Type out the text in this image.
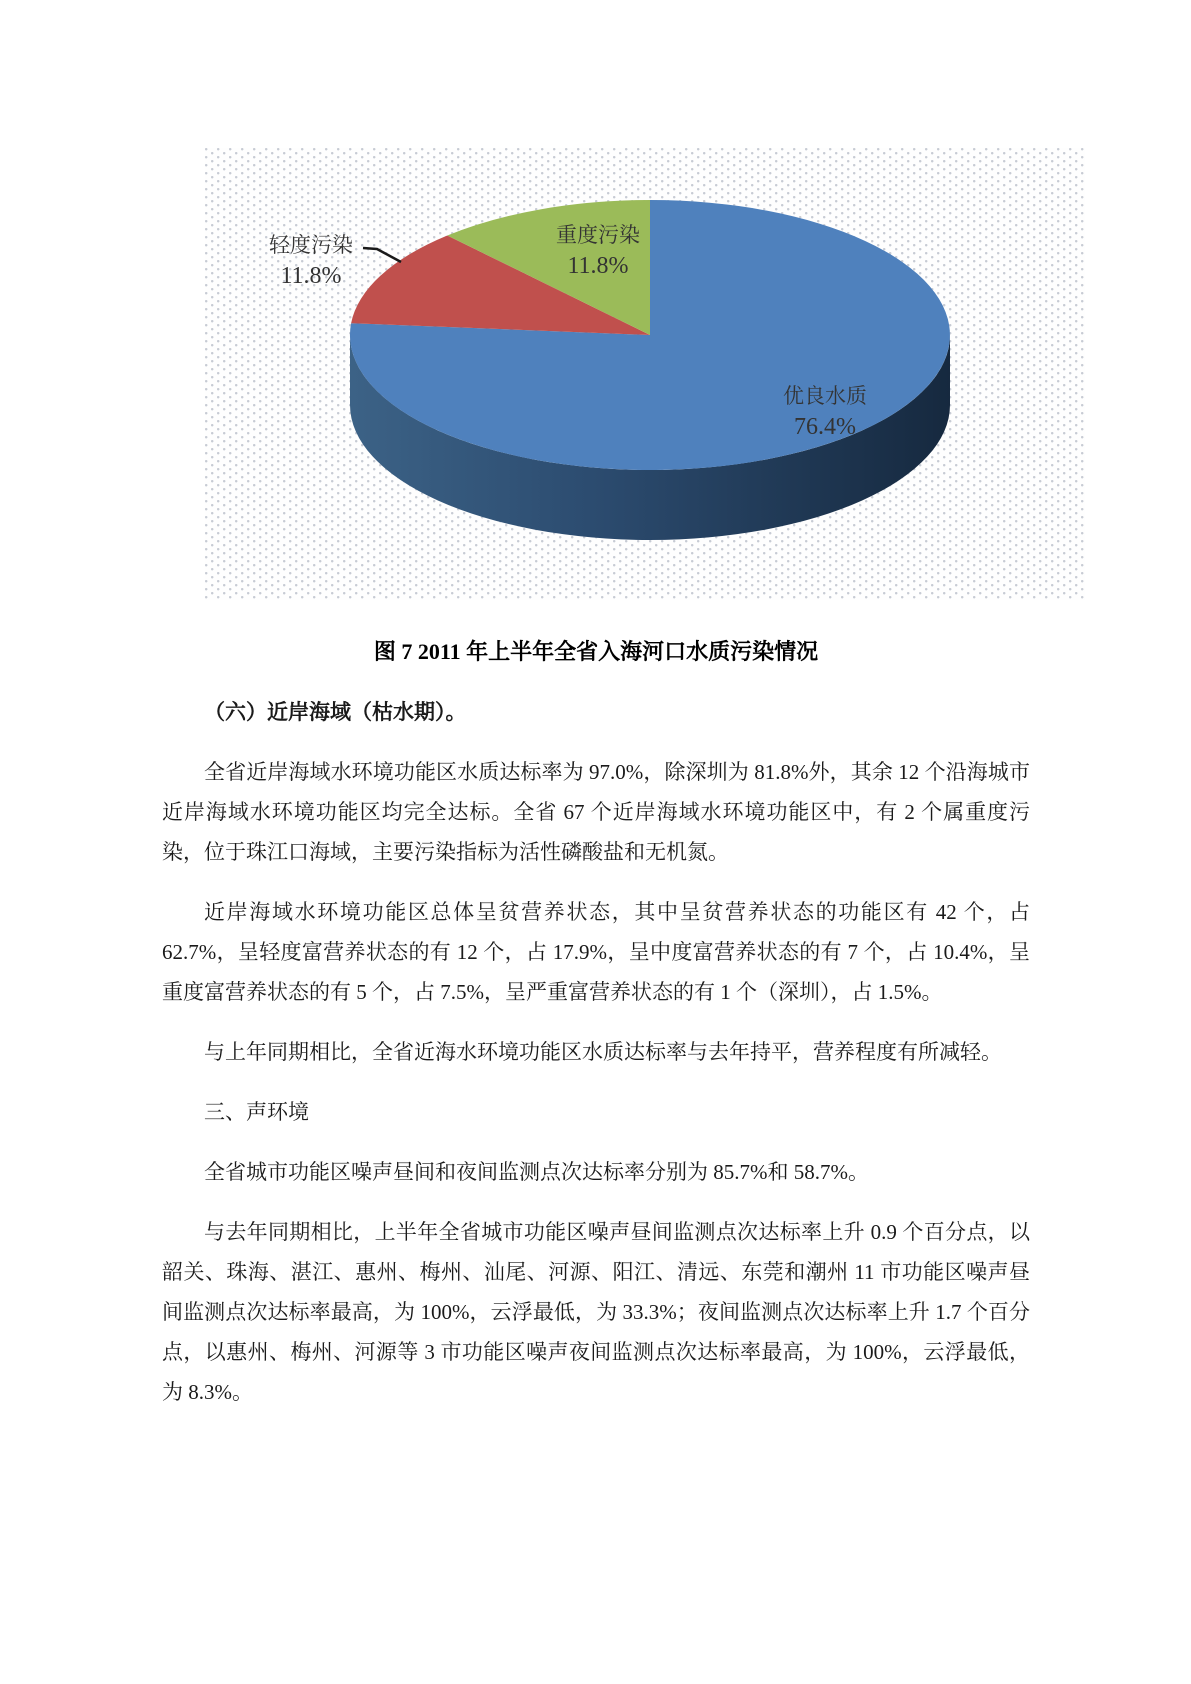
轻度污染
11.8%
重度污染
11.8%
优良水质
76.4%
图 7 2011 年上半年全省入海河口水质污染情况
（六）近岸海域（枯水期）。

全省近岸海域水环境功能区水质达标率为 97.0%，除深圳为 81.8%外，其余 12 个沿海城市近岸海域水环境功能区均完全达标。全省 67 个近岸海域水环境功能区中，有 2 个属重度污染，位于珠江口海域，主要污染指标为活性磷酸盐和无机氮。

近岸海域水环境功能区总体呈贫营养状态，其中呈贫营养状态的功能区有 42 个，占 62.7%，呈轻度富营养状态的有 12 个，占 17.9%，呈中度富营养状态的有 7 个，占 10.4%，呈重度富营养状态的有 5 个，占 7.5%，呈严重富营养状态的有 1 个（深圳），占 1.5%。

与上年同期相比，全省近海水环境功能区水质达标率与去年持平，营养程度有所减轻。

三、声环境

全省城市功能区噪声昼间和夜间监测点次达标率分别为 85.7%和 58.7%。

与去年同期相比，上半年全省城市功能区噪声昼间监测点次达标率上升 0.9 个百分点，以韶关、珠海、湛江、惠州、梅州、汕尾、河源、阳江、清远、东莞和潮州 11 市功能区噪声昼间监测点次达标率最高，为 100%，云浮最低，为 33.3%；夜间监测点次达标率上升 1.7 个百分点，以惠州、梅州、河源等 3 市功能区噪声夜间监测点次达标率最高，为 100%，云浮最低，为 8.3%。
